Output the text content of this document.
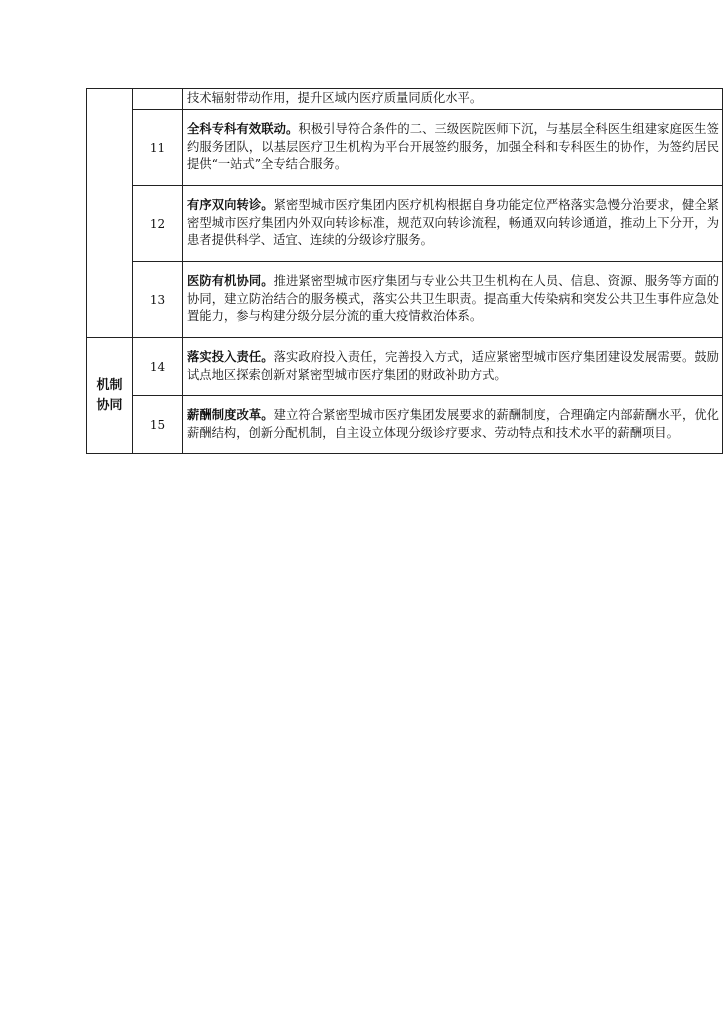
		技术辐射带动作用，提升区域内医疗质量同质化水平。
	11	全科专科有效联动。积极引导符合条件的二、三级医院医师下沉，与基层全科医生组建家庭医生签约服务团队，以基层医疗卫生机构为平台开展签约服务，加强全科和专科医生的协作，为签约居民提供“一站式”全专结合服务。
	12	有序双向转诊。紧密型城市医疗集团内医疗机构根据自身功能定位严格落实急慢分治要求，健全紧密型城市医疗集团内外双向转诊标准，规范双向转诊流程，畅通双向转诊通道，推动上下分开，为患者提供科学、适宜、连续的分级诊疗服务。
	13	医防有机协同。推进紧密型城市医疗集团与专业公共卫生机构在人员、信息、资源、服务等方面的协同，建立防治结合的服务模式，落实公共卫生职责。提高重大传染病和突发公共卫生事件应急处置能力，参与构建分级分层分流的重大疫情救治体系。

机制
协同	14	落实投入责任。落实政府投入责任，完善投入方式，适应紧密型城市医疗集团建设发展需要。鼓励试点地区探索创新对紧密型城市医疗集团的财政补助方式。
	15	薪酬制度改革。建立符合紧密型城市医疗集团发展要求的薪酬制度，合理确定内部薪酬水平，优化薪酬结构，创新分配机制，自主设立体现分级诊疗要求、劳动特点和技术水平的薪酬项目。
